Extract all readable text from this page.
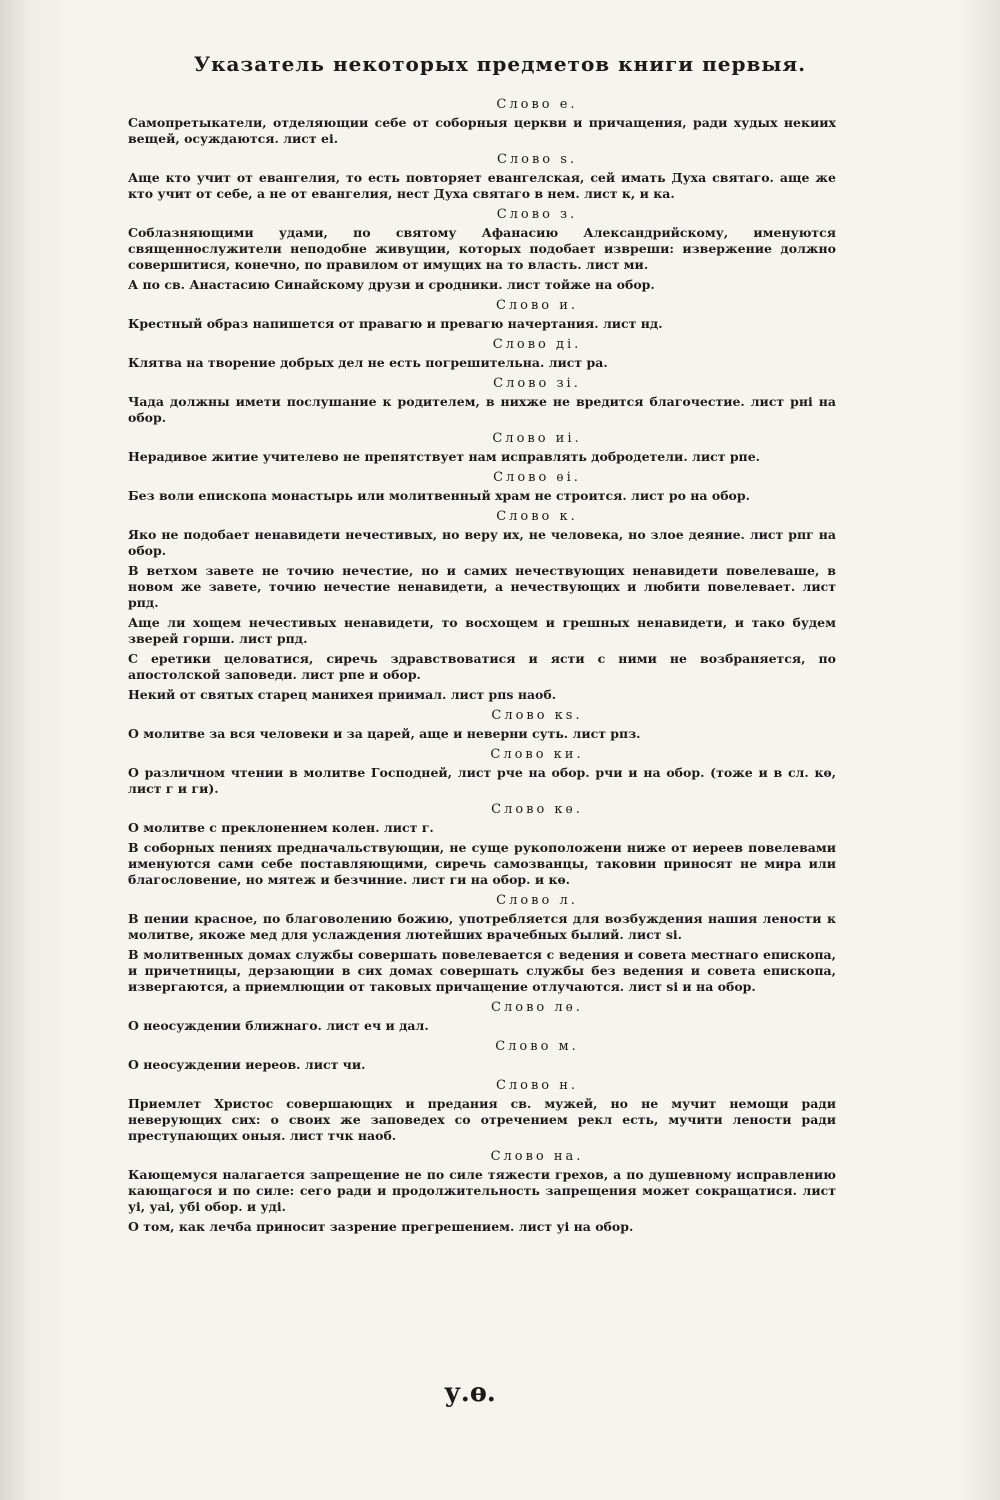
Указатель некоторых предметов книги первыя.
Слово е.

Самопретыкатели, отделяющии себе от соборныя церкви и причащения, ради худых некиих вещей, осуждаются. лист еі.

Слово ѕ.

Аще кто учит от евангелия, то есть повторяет евангелская, сей имать Духа святаго. аще же кто учит от себе, а не от евангелия, нест Духа святаго в нем. лист к, и ка.

Слово з.

Соблазняющими удами, по святому Афанасию Александрийскому, именуются священнослужители неподобне живущии, которых подобает извреши: извержение должно совершитися, конечно, по правилом от имущих на то власть. лист ми.

А по св. Анастасию Синайскому друзи и сродники. лист тойже на обор.

Слово и.

Крестный образ напишется от правагю и превагю начертания. лист нд.

Слово ді.

Клятва на творение добрых дел не есть погрешительна. лист ра.

Слово зі.

Чада должны имети послушание к родителем, в нихже не вредится благочестие. лист рні на обор.

Слово иі.

Нерадивое житие учителево не препятствует нам исправлять добродетели. лист рпе.

Слово ѳі.

Без воли епископа монастырь или молитвенный храм не строится. лист ро на обор.

Слово к.

Яко не подобает ненавидети нечестивых, но веру их, не человека, но злое деяние. лист рпг на обор.

В ветхом завете не точию нечестие, но и самих нечествующих ненавидети повелеваше, в новом же завете, точию нечестие ненавидети, а нечествующих и любити повелевает. лист рпд.

Аще ли хощем нечестивых ненавидети, то восхощем и грешных ненавидети, и тако будем зверей горши. лист рпд.

С еретики целоватися, сиречь здравствоватися и ясти с ними не возбраняется, по апостолской заповеди. лист рпе и обор.

Некий от святых старец манихея приимал. лист рпѕ наоб.

Слово кѕ.

О молитве за вся человеки и за царей, аще и неверни суть. лист рпз.

Слово ки.

О различном чтении в молитве Господней, лист рче на обор. рчи и на обор. (тоже и в сл. кѳ, лист г и ги).

Слово кѳ.

О молитве с преклонением колен. лист г.

В соборных пениях предначальствующии, не суще рукоположени ниже от иереев повелевами именуются сами себе поставляющими, сиречь самозванцы, таковии приносят не мира или благословение, но мятеж и безчиние. лист ги на обор. и кѳ.

Слово л.

В пении красное, по благоволению божию, употребляется для возбуждения нашия лености к молитве, якоже мед для услаждения лютейших врачебных былий. лист ѕі.

В молитвенных домах службы совершать повелевается с ведения и совета местнаго епископа, и причетницы, дерзающии в сих домах совершать службы без ведения и совета епископа, извергаются, а приемлющии от таковых причащение отлучаются. лист ѕі и на обор.

Слово лѳ.

О неосуждении ближнаго. лист еч и дал.

Слово м.

О неосуждении иереов. лист чи.

Слово н.

Приемлет Христос совершающих и предания св. мужей, но не мучит немощи ради неверующих сих: о своих же заповедех со отречением рекл есть, мучити лености ради преступающих оныя. лист тчк наоб.

Слово на.

Кающемуся налагается запрещение не по силе тяжести грехов, а по душевному исправлению кающагося и по силе: сего ради и продолжительность запрещения может сокращатися. лист уі, уаі, убі обор. и уді.

О том, как лечба приносит зазрение прегрешением. лист уі на обор.

у.ѳ.
